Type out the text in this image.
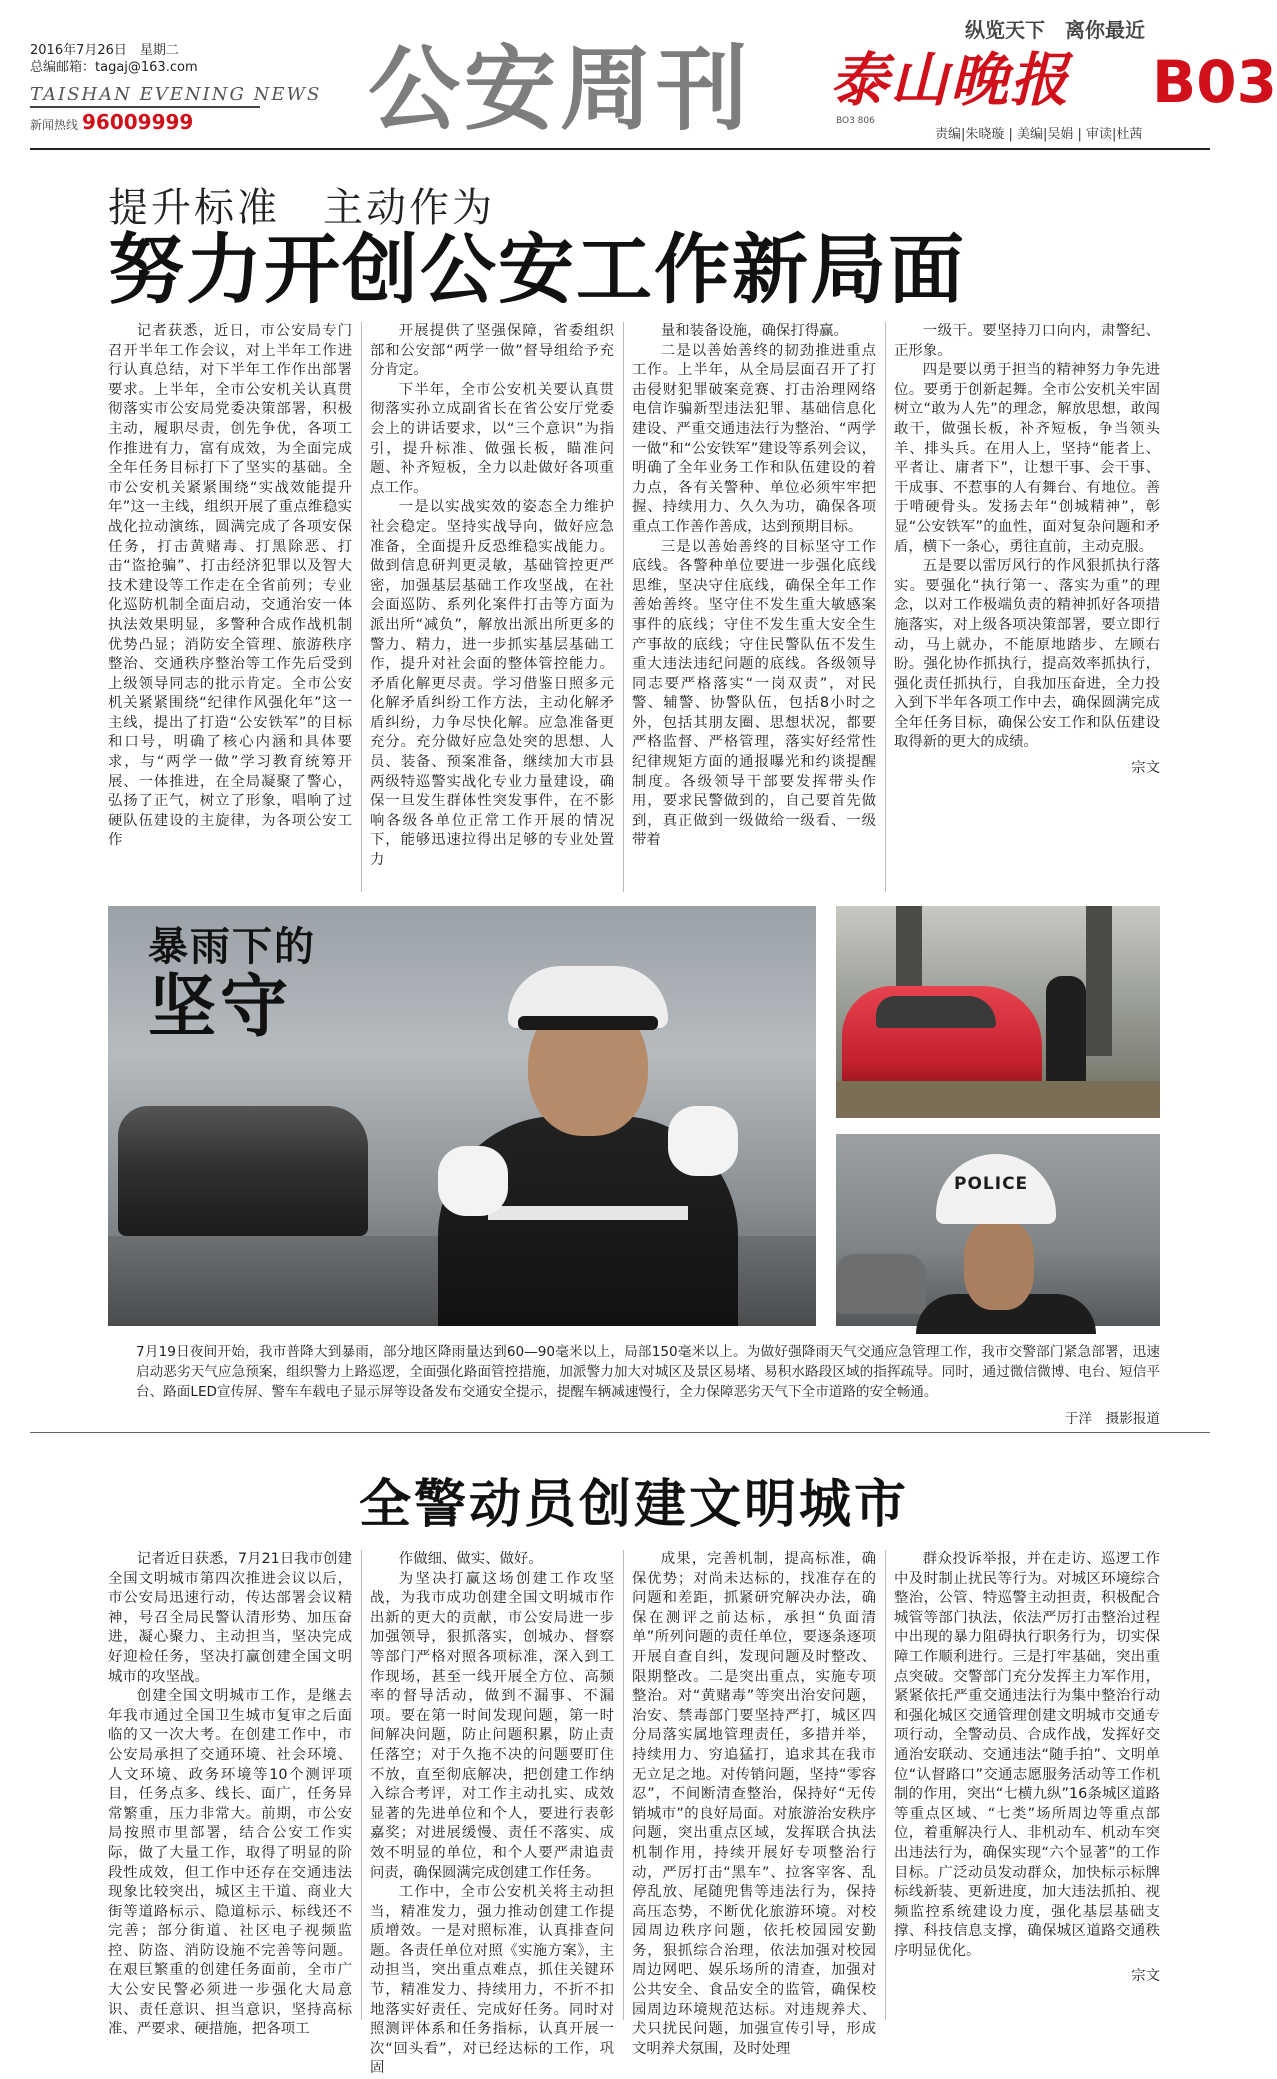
2016年7月26日　星期二
总编邮箱：tagaj@163.com
TAISHAN EVENING NEWS
新闻热线 96009999	公安周刊
纵览天下　离你最近
泰山晚报
BO3 806
B03
责编|朱晓璇 | 美编|吴娟 | 审读|杜茜
提升标准　主动作为
努力开创公安工作新局面

记者获悉，近日，市公安局专门召开半年工作会议，对上半年工作进行认真总结，对下半年工作作出部署要求。上半年，全市公安机关认真贯彻落实市公安局党委决策部署，积极主动，履职尽责，创先争优，各项工作推进有力，富有成效，为全面完成全年任务目标打下了坚实的基础。全市公安机关紧紧围绕“实战效能提升年”这一主线，组织开展了重点维稳实战化拉动演练，圆满完成了各项安保任务，打击黄赌毒、打黑除恶、打击“盗抢骗”、打击经济犯罪以及智大技术建设等工作走在全省前列；专业化巡防机制全面启动，交通治安一体执法效果明显，多警种合成作战机制优势凸显；消防安全管理、旅游秩序整治、交通秩序整治等工作先后受到上级领导同志的批示肯定。全市公安机关紧紧围绕“纪律作风强化年”这一主线，提出了打造“公安铁军”的目标和口号，明确了核心内涵和具体要求，与“两学一做”学习教育统筹开展、一体推进，在全局凝聚了警心，弘扬了正气，树立了形象，唱响了过硬队伍建设的主旋律，为各项公安工作

开展提供了坚强保障，省委组织部和公安部“两学一做”督导组给予充分肯定。

下半年，全市公安机关要认真贯彻落实孙立成副省长在省公安厅党委会上的讲话要求，以“三个意识”为指引，提升标准、做强长板，瞄准问题、补齐短板，全力以赴做好各项重点工作。

一是以实战实效的姿态全力维护社会稳定。坚持实战导向，做好应急准备，全面提升反恐维稳实战能力。做到信息研判更灵敏，基础管控更严密，加强基层基础工作攻坚战，在社会面巡防、系列化案件打击等方面为派出所“减负”，解放出派出所更多的警力、精力，进一步抓实基层基础工作，提升对社会面的整体管控能力。矛盾化解更尽责。学习借鉴日照多元化解矛盾纠纷工作方法，主动化解矛盾纠纷，力争尽快化解。应急准备更充分。充分做好应急处突的思想、人员、装备、预案准备，继续加大市县两级特巡警实战化专业力量建设，确保一旦发生群体性突发事件，在不影响各级各单位正常工作开展的情况下，能够迅速拉得出足够的专业处置力

量和装备设施，确保打得赢。

二是以善始善终的韧劲推进重点工作。上半年，从全局层面召开了打击侵财犯罪破案竞赛、打击治理网络电信诈骗新型违法犯罪、基础信息化建设、严重交通违法行为整治、“两学一做”和“公安铁军”建设等系列会议，明确了全年业务工作和队伍建设的着力点，各有关警种、单位必须牢牢把握、持续用力、久久为功，确保各项重点工作善作善成，达到预期目标。

三是以善始善终的目标坚守工作底线。各警种单位要进一步强化底线思维，坚决守住底线，确保全年工作善始善终。坚守住不发生重大敏感案事件的底线；守住不发生重大安全生产事故的底线；守住民警队伍不发生重大违法违纪问题的底线。各级领导同志要严格落实“一岗双责”，对民警、辅警、协警队伍，包括8小时之外，包括其朋友圈、思想状况，都要严格监督、严格管理，落实好经常性纪律规矩方面的通报曝光和约谈提醒制度。各级领导干部要发挥带头作用，要求民警做到的，自己要首先做到，真正做到一级做给一级看、一级带着

一级干。要坚持刀口向内，肃警纪、正形象。

四是要以勇于担当的精神努力争先进位。要勇于创新起舞。全市公安机关牢固树立“敢为人先”的理念，解放思想，敢闯敢干，做强长板，补齐短板，争当领头羊、排头兵。在用人上，坚持“能者上、平者让、庸者下”，让想干事、会干事、干成事、不惹事的人有舞台、有地位。善于啃硬骨头。发扬去年“创城精神”，彰显“公安铁军”的血性，面对复杂问题和矛盾，横下一条心，勇往直前，主动克服。

五是要以雷厉风行的作风狠抓执行落实。要强化“执行第一、落实为重”的理念，以对工作极端负责的精神抓好各项措施落实，对上级各项决策部署，要立即行动，马上就办，不能原地踏步、左顾右盼。强化协作抓执行，提高效率抓执行，强化责任抓执行，自我加压奋进，全力投入到下半年各项工作中去，确保圆满完成全年任务目标，确保公安工作和队伍建设取得新的更大的成绩。

宗文

暴雨下的
坚守
POLICE
7月19日夜间开始，我市普降大到暴雨，部分地区降雨量达到60—90毫米以上，局部150毫米以上。为做好强降雨天气交通应急管理工作，我市交警部门紧急部署，迅速启动恶劣天气应急预案，组织警力上路巡逻，全面强化路面管控措施，加派警力加大对城区及景区易堵、易积水路段区域的指挥疏导。同时，通过微信微博、电台、短信平台、路面LED宣传屏、警车车载电子显示屏等设备发布交通安全提示，提醒车辆减速慢行，全力保障恶劣天气下全市道路的安全畅通。
于洋　摄影报道
全警动员创建文明城市

记者近日获悉，7月21日我市创建全国文明城市第四次推进会议以后，市公安局迅速行动，传达部署会议精神，号召全局民警认清形势、加压奋进，凝心聚力、主动担当，坚决完成好迎检任务，坚决打赢创建全国文明城市的攻坚战。

创建全国文明城市工作，是继去年我市通过全国卫生城市复审之后面临的又一次大考。在创建工作中，市公安局承担了交通环境、社会环境、人文环境、政务环境等10个测评项目，任务点多、线长、面广，任务异常繁重，压力非常大。前期，市公安局按照市里部署，结合公安工作实际，做了大量工作，取得了明显的阶段性成效，但工作中还存在交通违法现象比较突出，城区主干道、商业大街等道路标示、隐道标示、标线还不完善；部分街道、社区电子视频监控、防盗、消防设施不完善等问题。在艰巨繁重的创建任务面前，全市广大公安民警必须进一步强化大局意识、责任意识、担当意识，坚持高标准、严要求、硬措施，把各项工

作做细、做实、做好。

为坚决打赢这场创建工作攻坚战，为我市成功创建全国文明城市作出新的更大的贡献，市公安局进一步加强领导，狠抓落实，创城办、督察等部门严格对照各项标准，深入到工作现场，甚至一线开展全方位、高频率的督导活动，做到不漏事、不漏项。要在第一时间发现问题，第一时间解决问题，防止问题积累，防止责任落空；对于久拖不决的问题要盯住不放，直至彻底解决，把创建工作纳入综合考评，对工作主动扎实、成效显著的先进单位和个人，要进行表彰嘉奖；对进展缓慢、责任不落实、成效不明显的单位，和个人要严肃追责问责，确保圆满完成创建工作任务。

工作中，全市公安机关将主动担当，精准发力，强力推动创建工作提质增效。一是对照标准，认真排查问题。各责任单位对照《实施方案》，主动担当，突出重点难点，抓住关键环节，精准发力、持续用力，不折不扣地落实好责任、完成好任务。同时对照测评体系和任务指标，认真开展一次“回头看”，对已经达标的工作，巩固

成果，完善机制，提高标准，确保优势；对尚未达标的，找准存在的问题和差距，抓紧研究解决办法，确保在测评之前达标，承担“负面清单”所列问题的责任单位，要逐条逐项开展自查自纠，发现问题及时整改、限期整改。二是突出重点，实施专项整治。对“黄赌毒”等突出治安问题，治安、禁毒部门要坚持严打，城区四分局落实属地管理责任，多措并举，持续用力、穷追猛打，追求其在我市无立足之地。对传销问题，坚持“零容忍”，不间断清查整治，保持好“无传销城市”的良好局面。对旅游治安秩序问题，突出重点区域，发挥联合执法机制作用，持续开展好专项整治行动，严厉打击“黑车”、拉客宰客、乱停乱放、尾随兜售等违法行为，保持高压态势，不断优化旅游环境。对校园周边秩序问题，依托校园园安勤务，狠抓综合治理，依法加强对校园周边网吧、娱乐场所的清查，加强对公共安全、食品安全的监管，确保校园周边环境规范达标。对违规养犬、犬只扰民问题，加强宣传引导，形成文明养犬氛围，及时处理

群众投诉举报，并在走访、巡逻工作中及时制止扰民等行为。对城区环境综合整治，公管、特巡警主动担责，积极配合城管等部门执法，依法严厉打击整治过程中出现的暴力阻碍执行职务行为，切实保障工作顺利进行。三是打牢基础，突出重点突破。交警部门充分发挥主力军作用，紧紧依托严重交通违法行为集中整治行动和强化城区交通管理创建文明城市交通专项行动，全警动员、合成作战，发挥好交通治安联动、交通违法“随手拍”、文明单位“认督路口”交通志愿服务活动等工作机制的作用，突出“七横九纵”16条城区道路等重点区域、“七类”场所周边等重点部位，着重解决行人、非机动车、机动车突出违法行为，确保实现“六个显著”的工作目标。广泛动员发动群众，加快标示标牌标线新装、更新进度，加大违法抓拍、视频监控系统建设力度，强化基层基础支撑、科技信息支撑，确保城区道路交通秩序明显优化。

宗文
